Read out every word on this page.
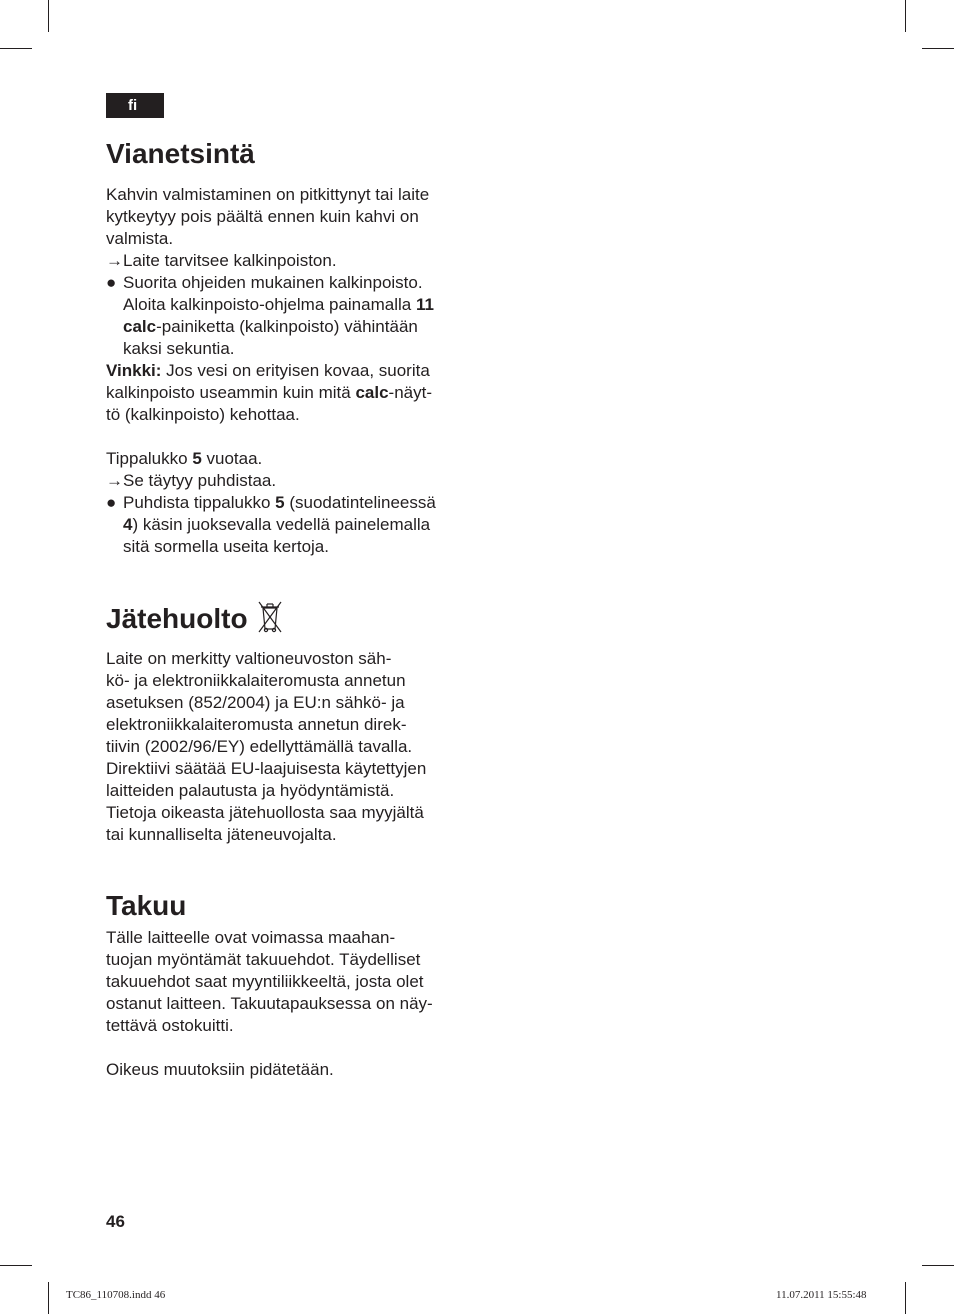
fi
Vianetsintä

Kahvin valmistaminen on pitkittynyt tai laite

kytkeytyy pois päältä ennen kuin kahvi on

valmista.

→ Laite tarvitsee kalkinpoiston.
● Suorita ohjeiden mukainen kalkinpoisto.

Aloita kalkinpoisto-ohjelma painamalla 11

calc-painiketta (kalkinpoisto) vähintään

kaksi sekuntia.

Vinkki: Jos vesi on erityisen kovaa, suorita

kalkinpoisto useammin kuin mitä calc-näyt-

tö (kalkinpoisto) kehottaa.

Tippalukko 5 vuotaa.

→ Se täytyy puhdistaa.
● Puhdista tippalukko 5 (suodatintelineessä

4) käsin juoksevalla vedellä painelemalla

sitä sormella useita kertoja.

Jätehuolto

Laite on merkitty valtioneuvoston säh-

kö- ja elektroniikkalaiteromusta annetun

asetuksen (852/2004) ja EU:n sähkö- ja

elektroniikkalaiteromusta annetun direk-

tiivin (2002/96/EY) edellyttämällä tavalla.

Direktiivi säätää EU-laajuisesta käytettyjen

laitteiden palautusta ja hyödyntämistä.

Tietoja oikeasta jätehuollosta saa myyjältä

tai kunnalliselta jäteneuvojalta.

Takuu

Tälle laitteelle ovat voimassa maahan-

tuojan myöntämät takuuehdot. Täydelliset

takuuehdot saat myyntiliikkeeltä, josta olet

ostanut laitteen. Takuutapauksessa on näy-

tettävä ostokuitti.

Oikeus muutoksiin pidätetään.

46
TC86_110708.indd 46	11.07.2011 15:55:48
